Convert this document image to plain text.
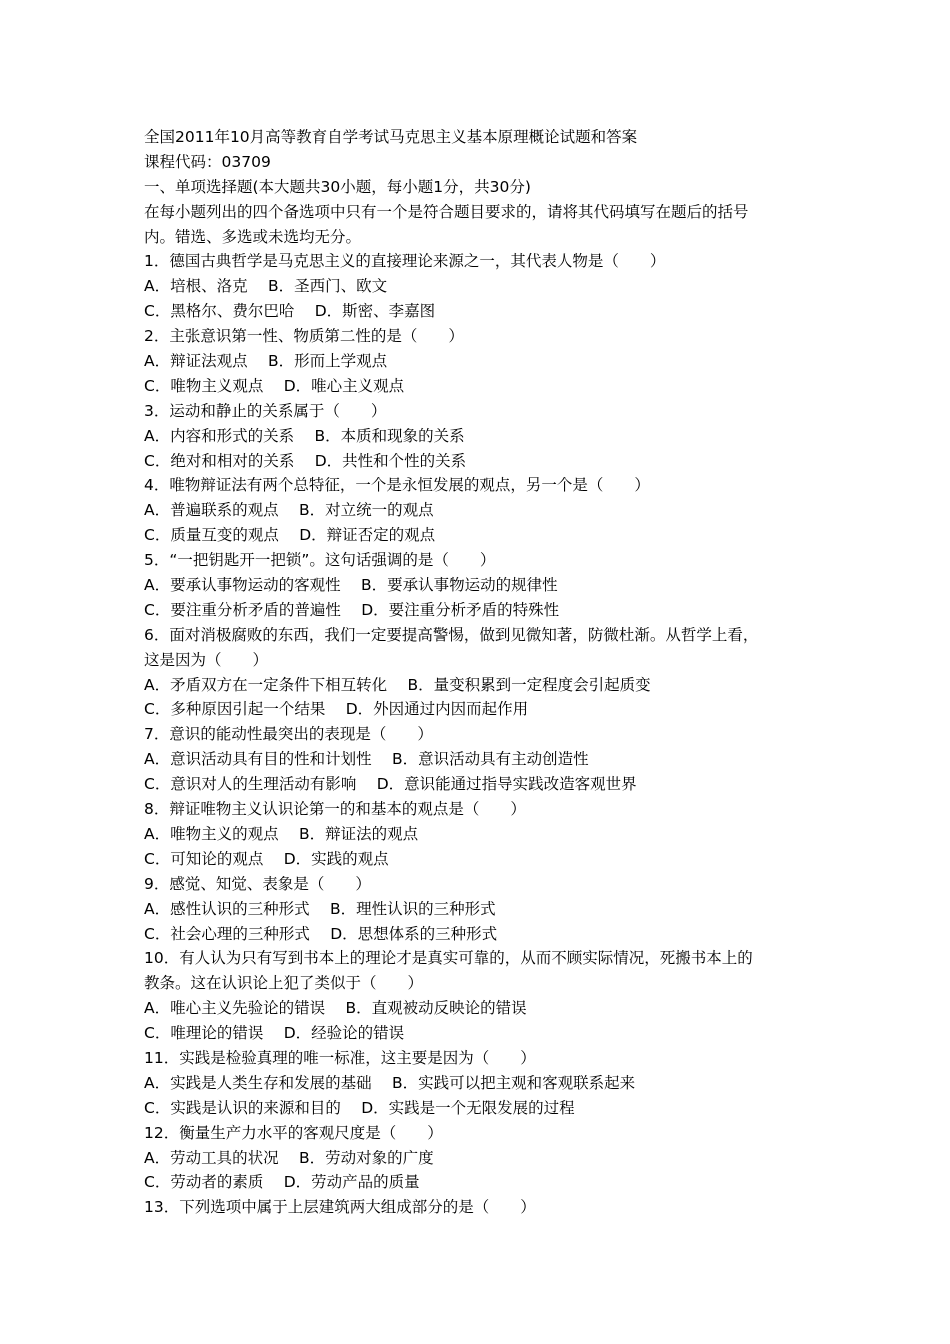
全国2011年10月高等教育自学考试马克思主义基本原理概论试题和答案
课程代码：03709
一、单项选择题(本大题共30小题，每小题1分，共30分)
在每小题列出的四个备选项中只有一个是符合题目要求的，请将其代码填写在题后的括号
内。错选、多选或未选均无分。
1．德国古典哲学是马克思主义的直接理论来源之一，其代表人物是（　　）
A．培根、洛克　 B．圣西门、欧文
C．黑格尔、费尔巴哈　 D．斯密、李嘉图
2．主张意识第一性、物质第二性的是（　　）
A．辩证法观点　 B．形而上学观点
C．唯物主义观点　 D．唯心主义观点
3．运动和静止的关系属于（　　）
A．内容和形式的关系　 B．本质和现象的关系
C．绝对和相对的关系　 D．共性和个性的关系
4．唯物辩证法有两个总特征，一个是永恒发展的观点，另一个是（　　）
A．普遍联系的观点　 B．对立统一的观点
C．质量互变的观点　 D．辩证否定的观点
5．“一把钥匙开一把锁”。这句话强调的是（　　）
A．要承认事物运动的客观性　 B．要承认事物运动的规律性
C．要注重分析矛盾的普遍性　 D．要注重分析矛盾的特殊性
6．面对消极腐败的东西，我们一定要提高警惕，做到见微知著，防微杜渐。从哲学上看，
这是因为（　　）
A．矛盾双方在一定条件下相互转化　 B．量变积累到一定程度会引起质变
C．多种原因引起一个结果　 D．外因通过内因而起作用
7．意识的能动性最突出的表现是（　　）
A．意识活动具有目的性和计划性　 B．意识活动具有主动创造性
C．意识对人的生理活动有影响　 D．意识能通过指导实践改造客观世界
8．辩证唯物主义认识论第一的和基本的观点是（　　）
A．唯物主义的观点　 B．辩证法的观点
C．可知论的观点　 D．实践的观点
9．感觉、知觉、表象是（　　）
A．感性认识的三种形式　 B．理性认识的三种形式
C．社会心理的三种形式　 D．思想体系的三种形式
10．有人认为只有写到书本上的理论才是真实可靠的，从而不顾实际情况，死搬书本上的
教条。这在认识论上犯了类似于（　　）
A．唯心主义先验论的错误　 B．直观被动反映论的错误
C．唯理论的错误　 D．经验论的错误
11．实践是检验真理的唯一标准，这主要是因为（　　）
A．实践是人类生存和发展的基础　 B．实践可以把主观和客观联系起来
C．实践是认识的来源和目的　 D．实践是一个无限发展的过程
12．衡量生产力水平的客观尺度是（　　）
A．劳动工具的状况　 B．劳动对象的广度
C．劳动者的素质　 D．劳动产品的质量
13．下列选项中属于上层建筑两大组成部分的是（　　）
